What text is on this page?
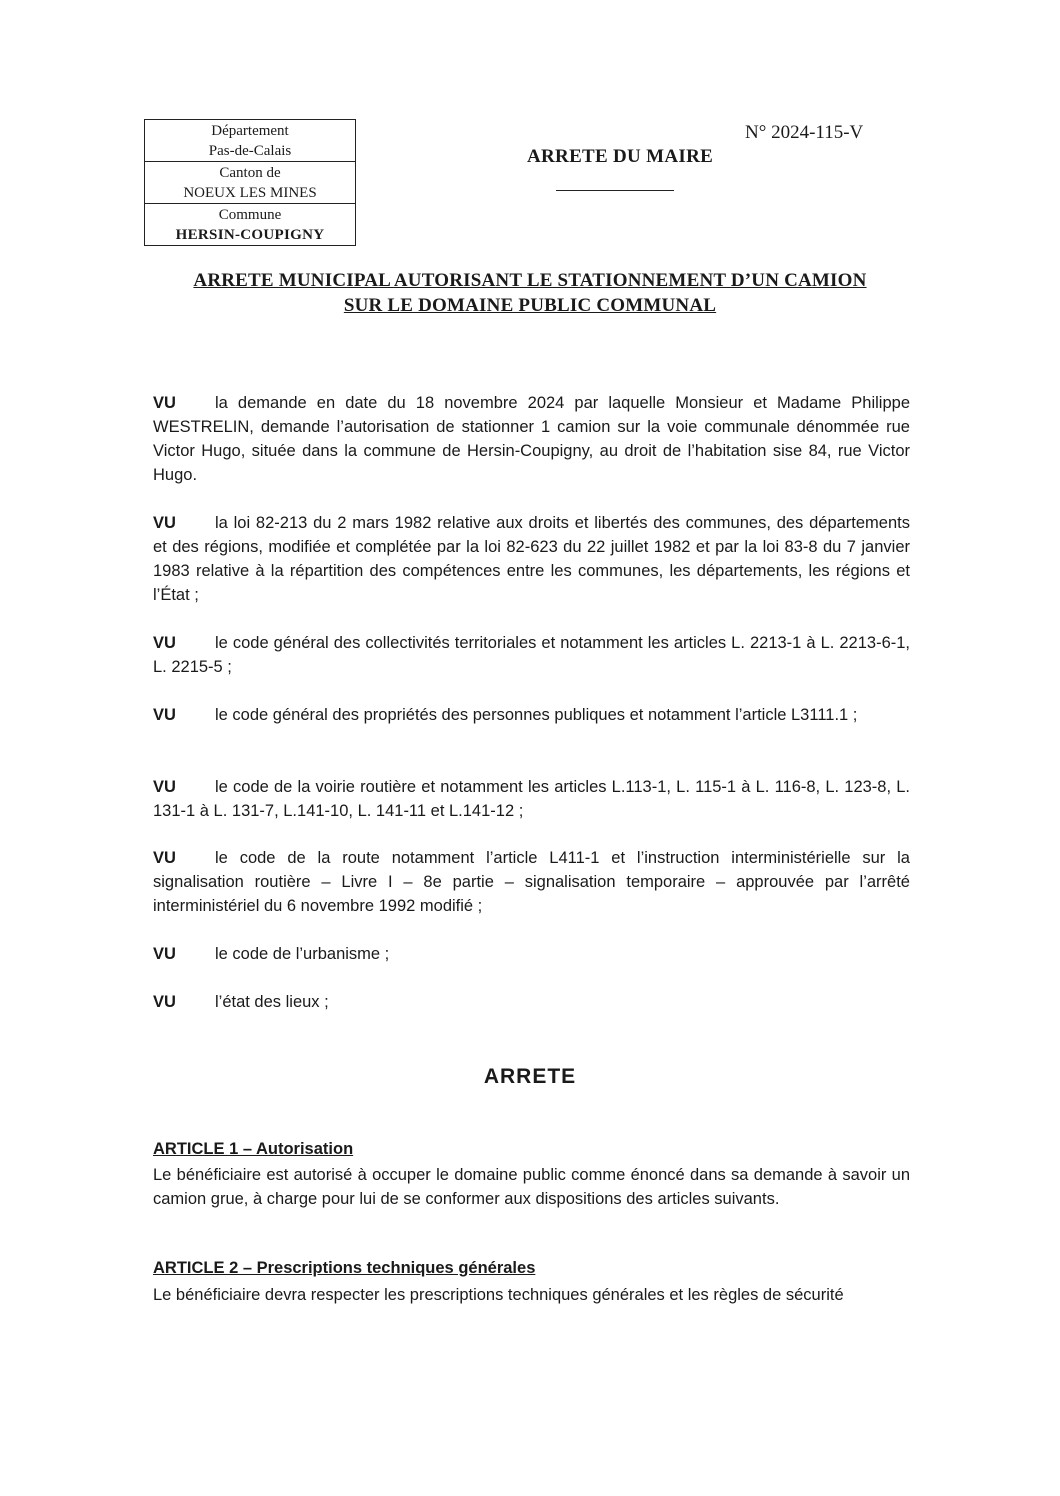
Département
Pas-de-Calais
Canton de
NOEUX LES MINES
Commune
HERSIN-COUPIGNY
N° 2024-115-V
ARRETE DU MAIRE
ARRETE MUNICIPAL AUTORISANT LE STATIONNEMENT D’UN CAMION
SUR LE DOMAINE PUBLIC COMMUNAL
VU la demande en date du 18 novembre 2024 par laquelle Monsieur et Madame Philippe WESTRELIN, demande l’autorisation de stationner 1 camion sur la voie communale dénommée rue Victor Hugo, située dans la commune de Hersin-Coupigny, au droit de l’habitation sise 84, rue Victor Hugo.
VU la loi 82-213 du 2 mars 1982 relative aux droits et libertés des communes, des départements et des régions, modifiée et complétée par la loi 82-623 du 22 juillet 1982 et par la loi 83-8 du 7 janvier 1983 relative à la répartition des compétences entre les communes, les départements, les régions et l’État ;
VU le code général des collectivités territoriales et notamment les articles L. 2213-1 à L. 2213-6-1, L. 2215-5 ;
VU le code général des propriétés des personnes publiques et notamment l’article L3111.1 ;
VU le code de la voirie routière et notamment les articles L.113-1, L. 115-1 à L. 116-8, L. 123-8, L. 131-1 à L. 131-7, L.141-10, L. 141-11 et L.141-12 ;
VU le code de la route notamment l’article L411-1 et l’instruction interministérielle sur la signalisation routière – Livre I – 8e partie – signalisation temporaire – approuvée par l’arrêté interministériel du 6 novembre 1992 modifié ;
VU le code de l’urbanisme ;
VU l’état des lieux ;
ARRETE
ARTICLE 1 – Autorisation
Le bénéficiaire est autorisé à occuper le domaine public comme énoncé dans sa demande à savoir un camion grue, à charge pour lui de se conformer aux dispositions des articles suivants.
ARTICLE 2 – Prescriptions techniques générales
Le bénéficiaire devra respecter les prescriptions techniques générales et les règles de sécurité
